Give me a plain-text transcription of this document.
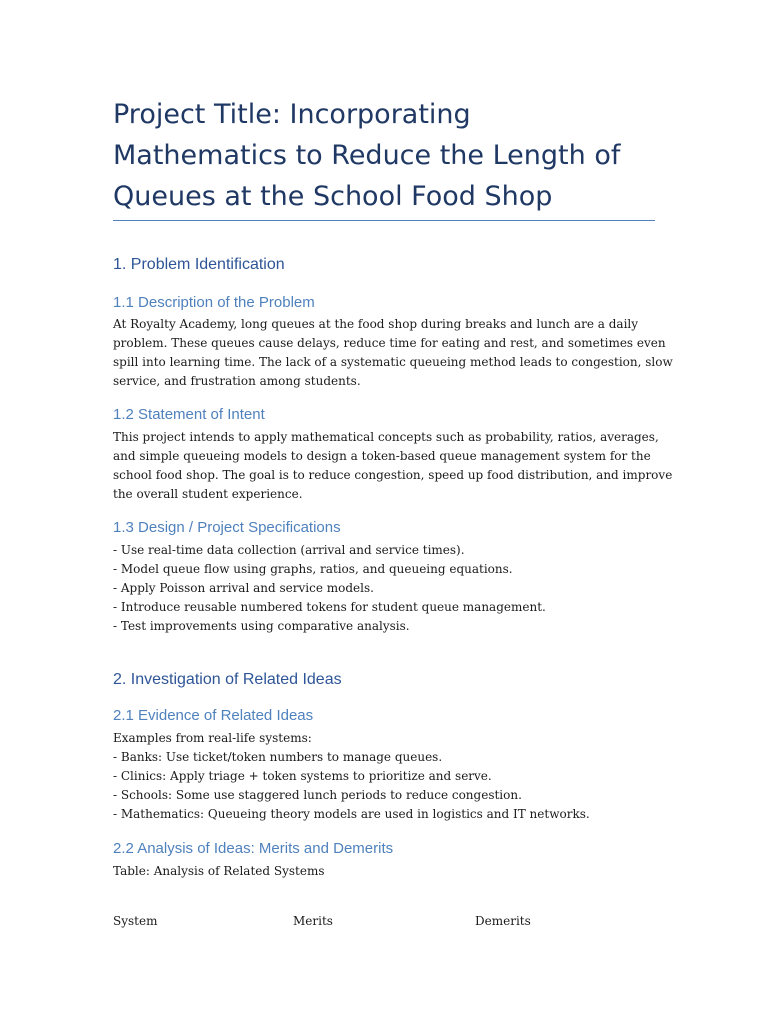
Project Title: Incorporating
Mathematics to Reduce the Length of
Queues at the School Food Shop
1. Problem Identification
1.1 Description of the Problem
At Royalty Academy, long queues at the food shop during breaks and lunch are a daily
problem. These queues cause delays, reduce time for eating and rest, and sometimes even
spill into learning time. The lack of a systematic queueing method leads to congestion, slow
service, and frustration among students.
1.2 Statement of Intent
This project intends to apply mathematical concepts such as probability, ratios, averages,
and simple queueing models to design a token-based queue management system for the
school food shop. The goal is to reduce congestion, speed up food distribution, and improve
the overall student experience.
1.3 Design / Project Specifications
- Use real-time data collection (arrival and service times).
- Model queue flow using graphs, ratios, and queueing equations.
- Apply Poisson arrival and service models.
- Introduce reusable numbered tokens for student queue management.
- Test improvements using comparative analysis.
2. Investigation of Related Ideas
2.1 Evidence of Related Ideas
Examples from real-life systems:
- Banks: Use ticket/token numbers to manage queues.
- Clinics: Apply triage + token systems to prioritize and serve.
- Schools: Some use staggered lunch periods to reduce congestion.
- Mathematics: Queueing theory models are used in logistics and IT networks.
2.2 Analysis of Ideas: Merits and Demerits
Table: Analysis of Related Systems
System	Merits	Demerits
